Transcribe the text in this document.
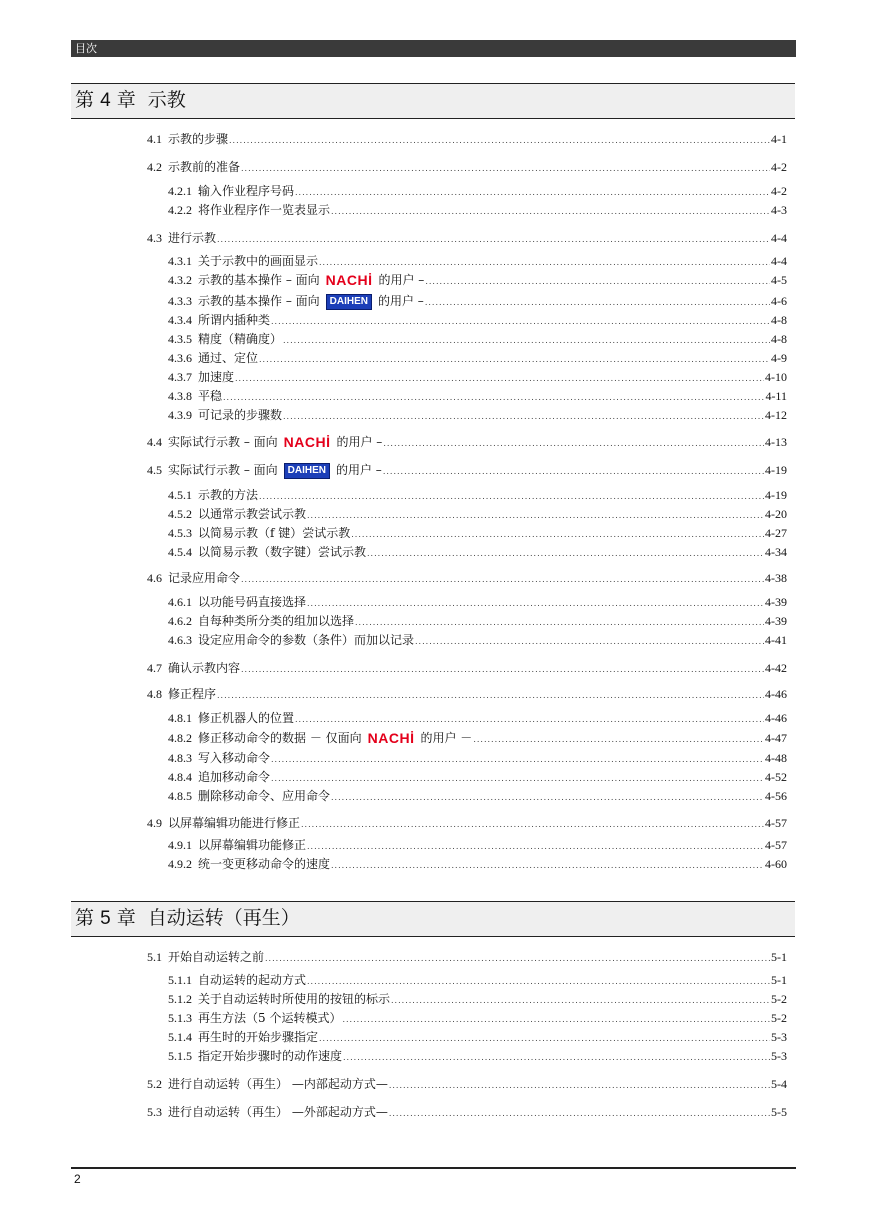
目次
第 4 章 示教
第 5 章 自动运转（再生）
4.1  示教的步骤 .....	4-1
4.2  示教前的准备 .....	4-2
4.2.1  输入作业程序号码 .....	4-2
4.2.2  将作业程序作一览表显示 .....	4-3
4.3  进行示教 .....	4-4
4.3.1  关于示教中的画面显示 .....	4-4
4.3.2  示教的基本操作 – 面向 NACHİ 的用户 – .....	4-5
4.3.3  示教的基本操作 – 面向 DAIHEN 的用户 – .....	4-6
4.3.4  所谓内插种类 .....	4-8
4.3.5  精度（精确度） .....	4-8
4.3.6  通过、定位 .....	4-9
4.3.7  加速度 .....	4-10
4.3.8  平稳 .....	4-11
4.3.9  可记录的步骤数 .....	4-12
4.4  实际试行示教 – 面向 NACHİ 的用户 – .....	4-13
4.5  实际试行示教 – 面向 DAIHEN 的用户 – .....	4-19
4.5.1  示教的方法 .....	4-19
4.5.2  以通常示教尝试示教 .....	4-20
4.5.3  以简易示教（f 键）尝试示教 .....	4-27
4.5.4  以简易示教（数字键）尝试示教 .....	4-34
4.6  记录应用命令 .....	4-38
4.6.1  以功能号码直接选择 .....	4-39
4.6.2  自每种类所分类的组加以选择 .....	4-39
4.6.3  设定应用命令的参数（条件）而加以记录 .....	4-41
4.7  确认示教内容 .....	4-42
4.8  修正程序 .....	4-46
4.8.1  修正机器人的位置 .....	4-46
4.8.2  修正移动命令的数据 － 仅面向 NACHİ 的用户 － .....	4-47
4.8.3  写入移动命令 .....	4-48
4.8.4  追加移动命令 .....	4-52
4.8.5  删除移动命令、应用命令 .....	4-56
4.9  以屏幕编辑功能进行修正 .....	4-57
4.9.1  以屏幕编辑功能修正 .....	4-57
4.9.2  统一变更移动命令的速度 .....	4-60
5.1  开始自动运转之前 .....	5-1
5.1.1  自动运转的起动方式 .....	5-1
5.1.2  关于自动运转时所使用的按钮的标示 .....	5-2
5.1.3  再生方法（5 个运转模式） .....	5-2
5.1.4  再生时的开始步骤指定 .....	5-3
5.1.5  指定开始步骤时的动作速度 .....	5-3
5.2  进行自动运转（再生） —内部起动方式— .....	5-4
5.3  进行自动运转（再生） —外部起动方式— .....	5-5
2
